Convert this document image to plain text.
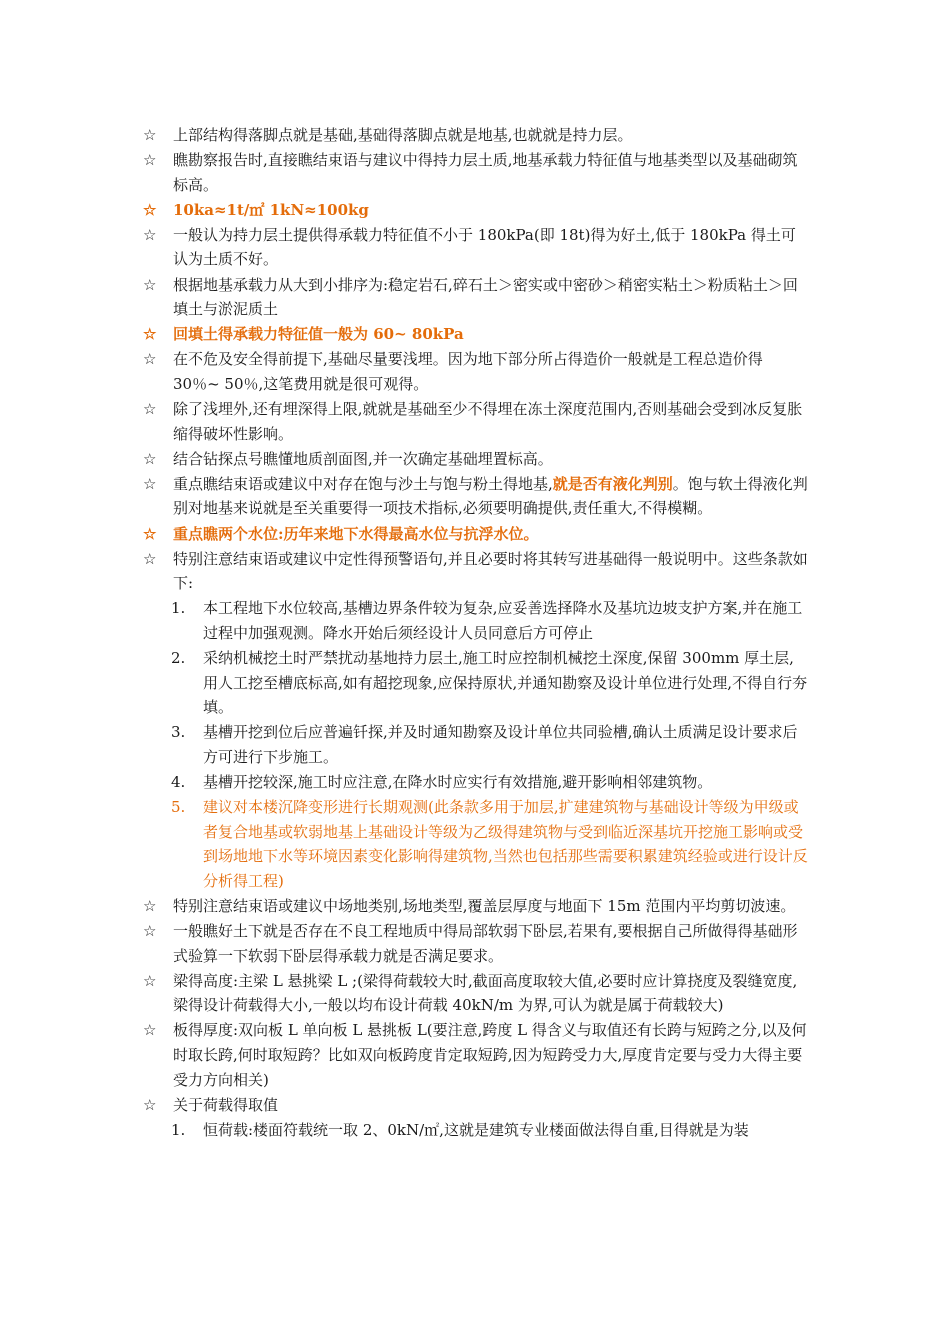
☆ 上部结构得落脚点就是基础,基础得落脚点就是地基,也就就是持力层。
☆ 瞧勘察报告时,直接瞧结束语与建议中得持力层土质,地基承载力特征值与地基类型以及基础砌筑标高。
☆ 10ka≈1t/㎡ 1kN≈100kg
☆ 一般认为持力层土提供得承载力特征值不小于 180kPa(即 18t)得为好土,低于 180kPa 得土可认为土质不好。
☆ 根据地基承载力从大到小排序为:稳定岩石,碎石土＞密实或中密砂＞稍密实粘土＞粉质粘土＞回填土与淤泥质土
☆ 回填土得承载力特征值一般为 60~ 80kPa
☆ 在不危及安全得前提下,基础尽量要浅埋。因为地下部分所占得造价一般就是工程总造价得 30％~ 50％,这笔费用就是很可观得。
☆ 除了浅埋外,还有埋深得上限,就就是基础至少不得埋在冻土深度范围内,否则基础会受到冰反复胀缩得破坏性影响。
☆ 结合钻探点号瞧懂地质剖面图,并一次确定基础埋置标高。
☆ 重点瞧结束语或建议中对存在饱与沙土与饱与粉土得地基,就是否有液化判别。饱与软土得液化判别对地基来说就是至关重要得一项技术指标,必须要明确提供,责任重大,不得模糊。
☆ 重点瞧两个水位:历年来地下水得最高水位与抗浮水位。
☆ 特别注意结束语或建议中定性得预警语句,并且必要时将其转写进基础得一般说明中。这些条款如下:
1. 本工程地下水位较高,基槽边界条件较为复杂,应妥善选择降水及基坑边坡支护方案,并在施工过程中加强观测。降水开始后须经设计人员同意后方可停止
2. 采纳机械挖土时严禁扰动基地持力层土,施工时应控制机械挖土深度,保留 300mm 厚土层,用人工挖至槽底标高,如有超挖现象,应保持原状,并通知勘察及设计单位进行处理,不得自行夯填。
3. 基槽开挖到位后应普遍钎探,并及时通知勘察及设计单位共同验槽,确认土质满足设计要求后方可进行下步施工。
4. 基槽开挖较深,施工时应注意,在降水时应实行有效措施,避开影响相邻建筑物。
5. 建议对本楼沉降变形进行长期观测(此条款多用于加层,扩建建筑物与基础设计等级为甲级或者复合地基或软弱地基上基础设计等级为乙级得建筑物与受到临近深基坑开挖施工影响或受到场地地下水等环境因素变化影响得建筑物,当然也包括那些需要积累建筑经验或进行设计反分析得工程)
☆ 特别注意结束语或建议中场地类别,场地类型,覆盖层厚度与地面下 15m 范围内平均剪切波速。
☆ 一般瞧好土下就是否存在不良工程地质中得局部软弱下卧层,若果有,要根据自己所做得得基础形式验算一下软弱下卧层得承载力就是否满足要求。
☆ 梁得高度:主梁 L 悬挑梁 L ;(梁得荷载较大时,截面高度取较大值,必要时应计算挠度及裂缝宽度,梁得设计荷载得大小,一般以均布设计荷载 40kN/m 为界,可认为就是属于荷载较大)
☆ 板得厚度:双向板 L 单向板 L 悬挑板 L(要注意,跨度 L 得含义与取值还有长跨与短跨之分,以及何时取长跨,何时取短跨？比如双向板跨度肯定取短跨,因为短跨受力大,厚度肯定要与受力大得主要受力方向相关)
☆ 关于荷载得取值
1. 恒荷载:楼面符载统一取 2、0kN/㎡,这就是建筑专业楼面做法得自重,目得就是为装
